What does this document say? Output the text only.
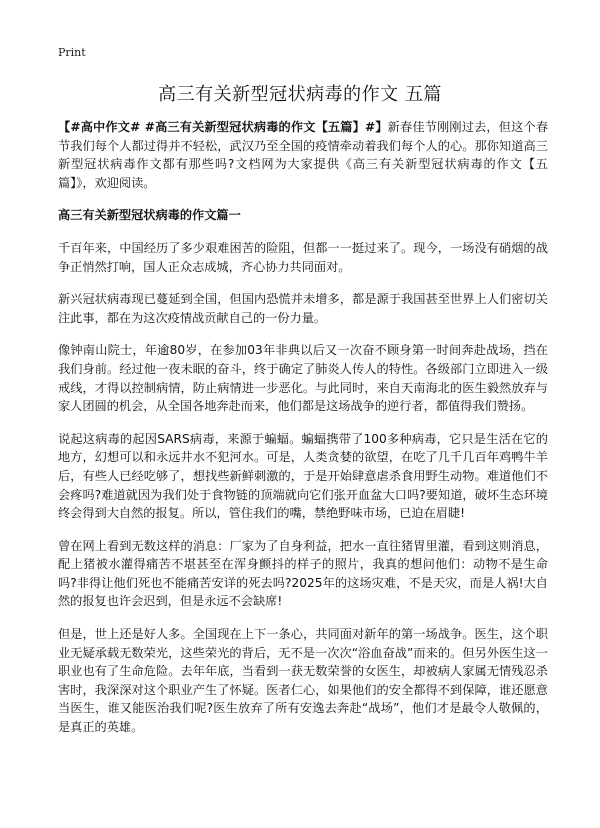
Print
高三有关新型冠状病毒的作文 五篇

【#高中作文# #高三有关新型冠状病毒的作文【五篇】#】新春佳节刚刚过去，但这个春节我们每个人都过得并不轻松，武汉乃至全国的疫情牵动着我们每个人的心。那你知道高三新型冠状病毒作文都有那些吗?文档网为大家提供《高三有关新型冠状病毒的作文【五篇】》，欢迎阅读。

高三有关新型冠状病毒的作文篇一

千百年来，中国经历了多少艰难困苦的险阻，但都一一挺过来了。现今，一场没有硝烟的战争正悄然打响，国人正众志成城，齐心协力共同面对。

新兴冠状病毒现已蔓延到全国，但国内恐慌并未增多，都是源于我国甚至世界上人们密切关注此事，都在为这次疫情战贡献自己的一份力量。

像钟南山院士，年逾80岁，在参加03年非典以后又一次奋不顾身第一时间奔赴战场，挡在我们身前。经过他一夜未眠的奋斗，终于确定了肺炎人传人的特性。各级部门立即进入一级戒线，才得以控制病情，防止病情进一步恶化。与此同时，来自天南海北的医生毅然放弃与家人团圆的机会，从全国各地奔赴而来，他们都是这场战争的逆行者，都值得我们赞扬。

说起这病毒的起因SARS病毒，来源于蝙蝠。蝙蝠携带了100多种病毒，它只是生活在它的地方，幻想可以和永远井水不犯河水。可是，人类贪婪的欲望，在吃了几千几百年鸡鸭牛羊后，有些人已经吃够了，想找些新鲜刺激的，于是开始肆意虐杀食用野生动物。难道他们不会疼吗?难道就因为我们处于食物链的顶端就向它们张开血盆大口吗?要知道，破坏生态环境终会得到大自然的报复。所以，管住我们的嘴，禁绝野味市场，已迫在眉睫!

曾在网上看到无数这样的消息：厂家为了自身利益，把水一直往猪胃里灌，看到这则消息，配上猪被水灌得痛苦不堪甚至在浑身颤抖的样子的照片，我真的想问他们：动物不是生命吗?非得让他们死也不能痛苦安详的死去吗?2025年的这场灾难，不是天灾，而是人祸!大自然的报复也许会迟到，但是永远不会缺席!

但是，世上还是好人多。全国现在上下一条心，共同面对新年的第一场战争。医生，这个职业无疑承载无数荣光，这些荣光的背后，无不是一次次“浴血奋战”而来的。但另外医生这一职业也有了生命危险。去年年底，当看到一获无数荣誉的女医生，却被病人家属无情残忍杀害时，我深深对这个职业产生了怀疑。医者仁心，如果他们的安全都得不到保障，谁还愿意当医生，谁又能医治我们呢?医生放弃了所有安逸去奔赴“战场”，他们才是最令人敬佩的，是真正的英雄。
